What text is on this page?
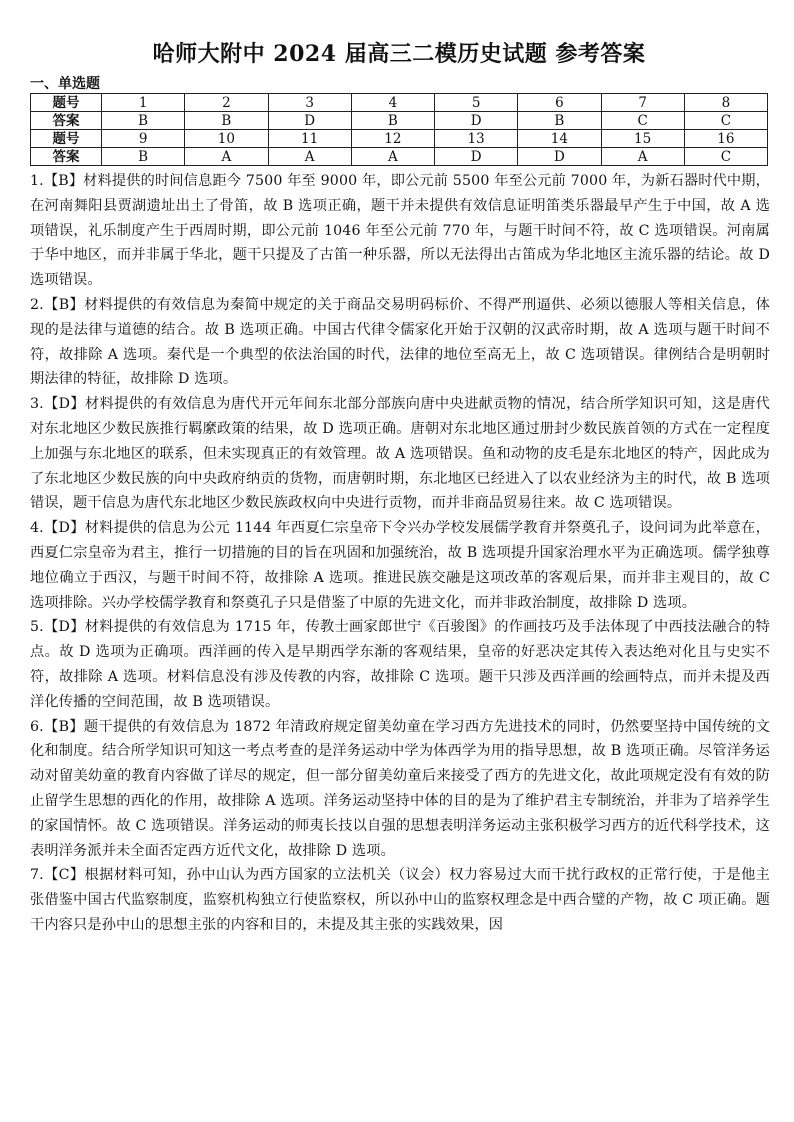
哈师大附中 2024 届高三二模历史试题 参考答案
一、单选题
题号	1	2	3	4	5	6	7	8
答案	B	B	D	B	D	B	C	C
题号	9	10	11	12	13	14	15	16
答案	B	A	A	A	D	D	A	C

1.【B】材料提供的时间信息距今 7500 年至 9000 年，即公元前 5500 年至公元前 7000 年，为新石器时代中期，在河南舞阳县贾湖遗址出土了骨笛，故 B 选项正确，题干并未提供有效信息证明笛类乐器最早产生于中国，故 A 选项错误，礼乐制度产生于西周时期，即公元前 1046 年至公元前 770 年，与题干时间不符，故 C 选项错误。河南属于华中地区，而并非属于华北，题干只提及了古笛一种乐器，所以无法得出古笛成为华北地区主流乐器的结论。故 D 选项错误。

2.【B】材料提供的有效信息为秦简中规定的关于商品交易明码标价、不得严刑逼供、必须以德服人等相关信息，体现的是法律与道德的结合。故 B 选项正确。中国古代律令儒家化开始于汉朝的汉武帝时期，故 A 选项与题干时间不符，故排除 A 选项。秦代是一个典型的依法治国的时代，法律的地位至高无上，故 C 选项错误。律例结合是明朝时期法律的特征，故排除 D 选项。

3.【D】材料提供的有效信息为唐代开元年间东北部分部族向唐中央进献贡物的情况，结合所学知识可知，这是唐代对东北地区少数民族推行羁縻政策的结果，故 D 选项正确。唐朝对东北地区通过册封少数民族首领的方式在一定程度上加强与东北地区的联系，但未实现真正的有效管理。故 A 选项错误。鱼和动物的皮毛是东北地区的特产，因此成为了东北地区少数民族的向中央政府纳贡的货物，而唐朝时期，东北地区已经进入了以农业经济为主的时代，故 B 选项错误，题干信息为唐代东北地区少数民族政权向中央进行贡物，而并非商品贸易往来。故 C 选项错误。

4.【D】材料提供的信息为公元 1144 年西夏仁宗皇帝下令兴办学校发展儒学教育并祭奠孔子，设问词为此举意在，西夏仁宗皇帝为君主，推行一切措施的目的旨在巩固和加强统治，故 B 选项提升国家治理水平为正确选项。儒学独尊地位确立于西汉，与题干时间不符，故排除 A 选项。推进民族交融是这项改革的客观后果，而并非主观目的，故 C 选项排除。兴办学校儒学教育和祭奠孔子只是借鉴了中原的先进文化，而并非政治制度，故排除 D 选项。

5.【D】材料提供的有效信息为 1715 年，传教士画家郎世宁《百骏图》的作画技巧及手法体现了中西技法融合的特点。故 D 选项为正确项。西洋画的传入是早期西学东渐的客观结果，皇帝的好恶决定其传入表达绝对化且与史实不符，故排除 A 选项。材料信息没有涉及传教的内容，故排除 C 选项。题干只涉及西洋画的绘画特点，而并未提及西洋化传播的空间范围，故 B 选项错误。

6.【B】题干提供的有效信息为 1872 年清政府规定留美幼童在学习西方先进技术的同时，仍然要坚持中国传统的文化和制度。结合所学知识可知这一考点考查的是洋务运动中学为体西学为用的指导思想，故 B 选项正确。尽管洋务运动对留美幼童的教育内容做了详尽的规定，但一部分留美幼童后来接受了西方的先进文化，故此项规定没有有效的防止留学生思想的西化的作用，故排除 A 选项。洋务运动坚持中体的目的是为了维护君主专制统治，并非为了培养学生的家国情怀。故 C 选项错误。洋务运动的师夷长技以自强的思想表明洋务运动主张积极学习西方的近代科学技术，这表明洋务派并未全面否定西方近代文化，故排除 D 选项。

7.【C】根据材料可知，孙中山认为西方国家的立法机关（议会）权力容易过大而干扰行政权的正常行使，于是他主张借鉴中国古代监察制度，监察机构独立行使监察权，所以孙中山的监察权理念是中西合璧的产物，故 C 项正确。题干内容只是孙中山的思想主张的内容和目的，未提及其主张的实践效果，因
